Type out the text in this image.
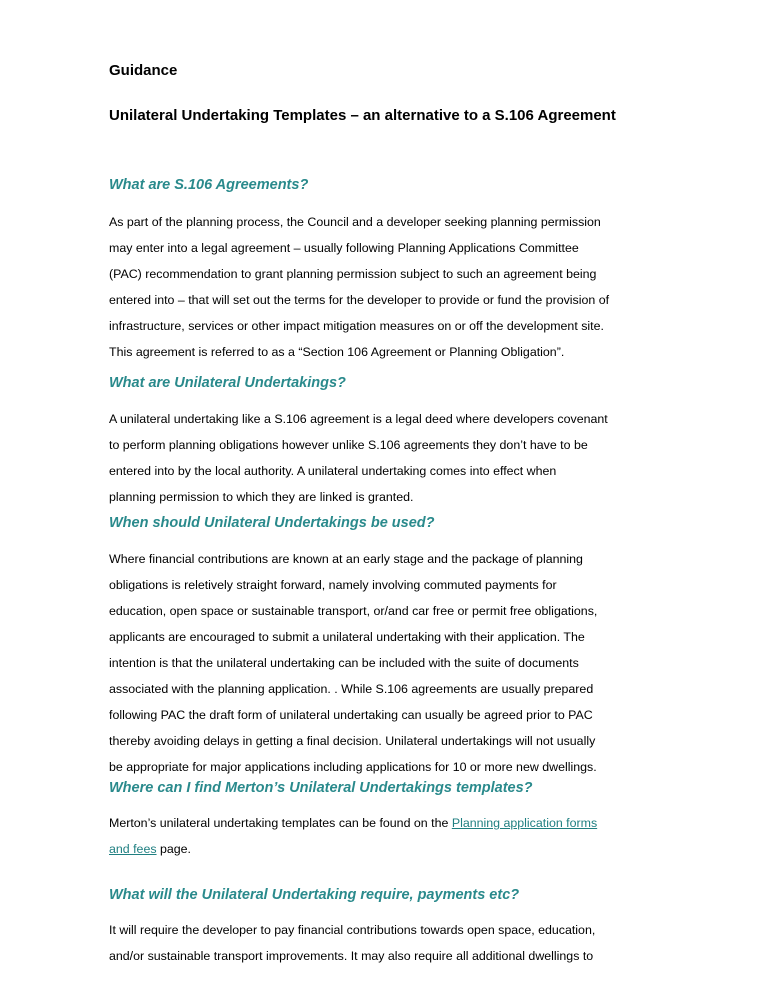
Guidance
Unilateral Undertaking Templates – an alternative to a S.106 Agreement
What are S.106 Agreements?

As part of the planning process, the Council and a developer seeking planning permission
may enter into a legal agreement – usually following Planning Applications Committee
(PAC) recommendation to grant planning permission subject to such an agreement being
entered into – that will set out the terms for the developer to provide or fund the provision of
infrastructure, services or other impact mitigation measures on or off the development site.
This agreement is referred to as a “Section 106 Agreement or Planning Obligation”.

What are Unilateral Undertakings?

A unilateral undertaking like a S.106 agreement is a legal deed where developers covenant
to perform planning obligations however unlike S.106 agreements they don’t have to be
entered into by the local authority. A unilateral undertaking comes into effect when
planning permission to which they are linked is granted.

When should Unilateral Undertakings be used?

Where financial contributions are known at an early stage and the package of planning
obligations is reletively straight forward, namely involving commuted payments for
education, open space or sustainable transport, or/and car free or permit free obligations,
applicants are encouraged to submit a unilateral undertaking with their application. The
intention is that the unilateral undertaking can be included with the suite of documents
associated with the planning application. . While S.106 agreements are usually prepared
following PAC the draft form of unilateral undertaking can usually be agreed prior to PAC
thereby avoiding delays in getting a final decision. Unilateral undertakings will not usually
be appropriate for major applications including applications for 10 or more new dwellings.

Where can I find Merton’s Unilateral Undertakings templates?

Merton’s unilateral undertaking templates can be found on the Planning application forms
and fees page.

What will the Unilateral Undertaking require, payments etc?

It will require the developer to pay financial contributions towards open space, education,
and/or sustainable transport improvements. It may also require all additional dwellings to
